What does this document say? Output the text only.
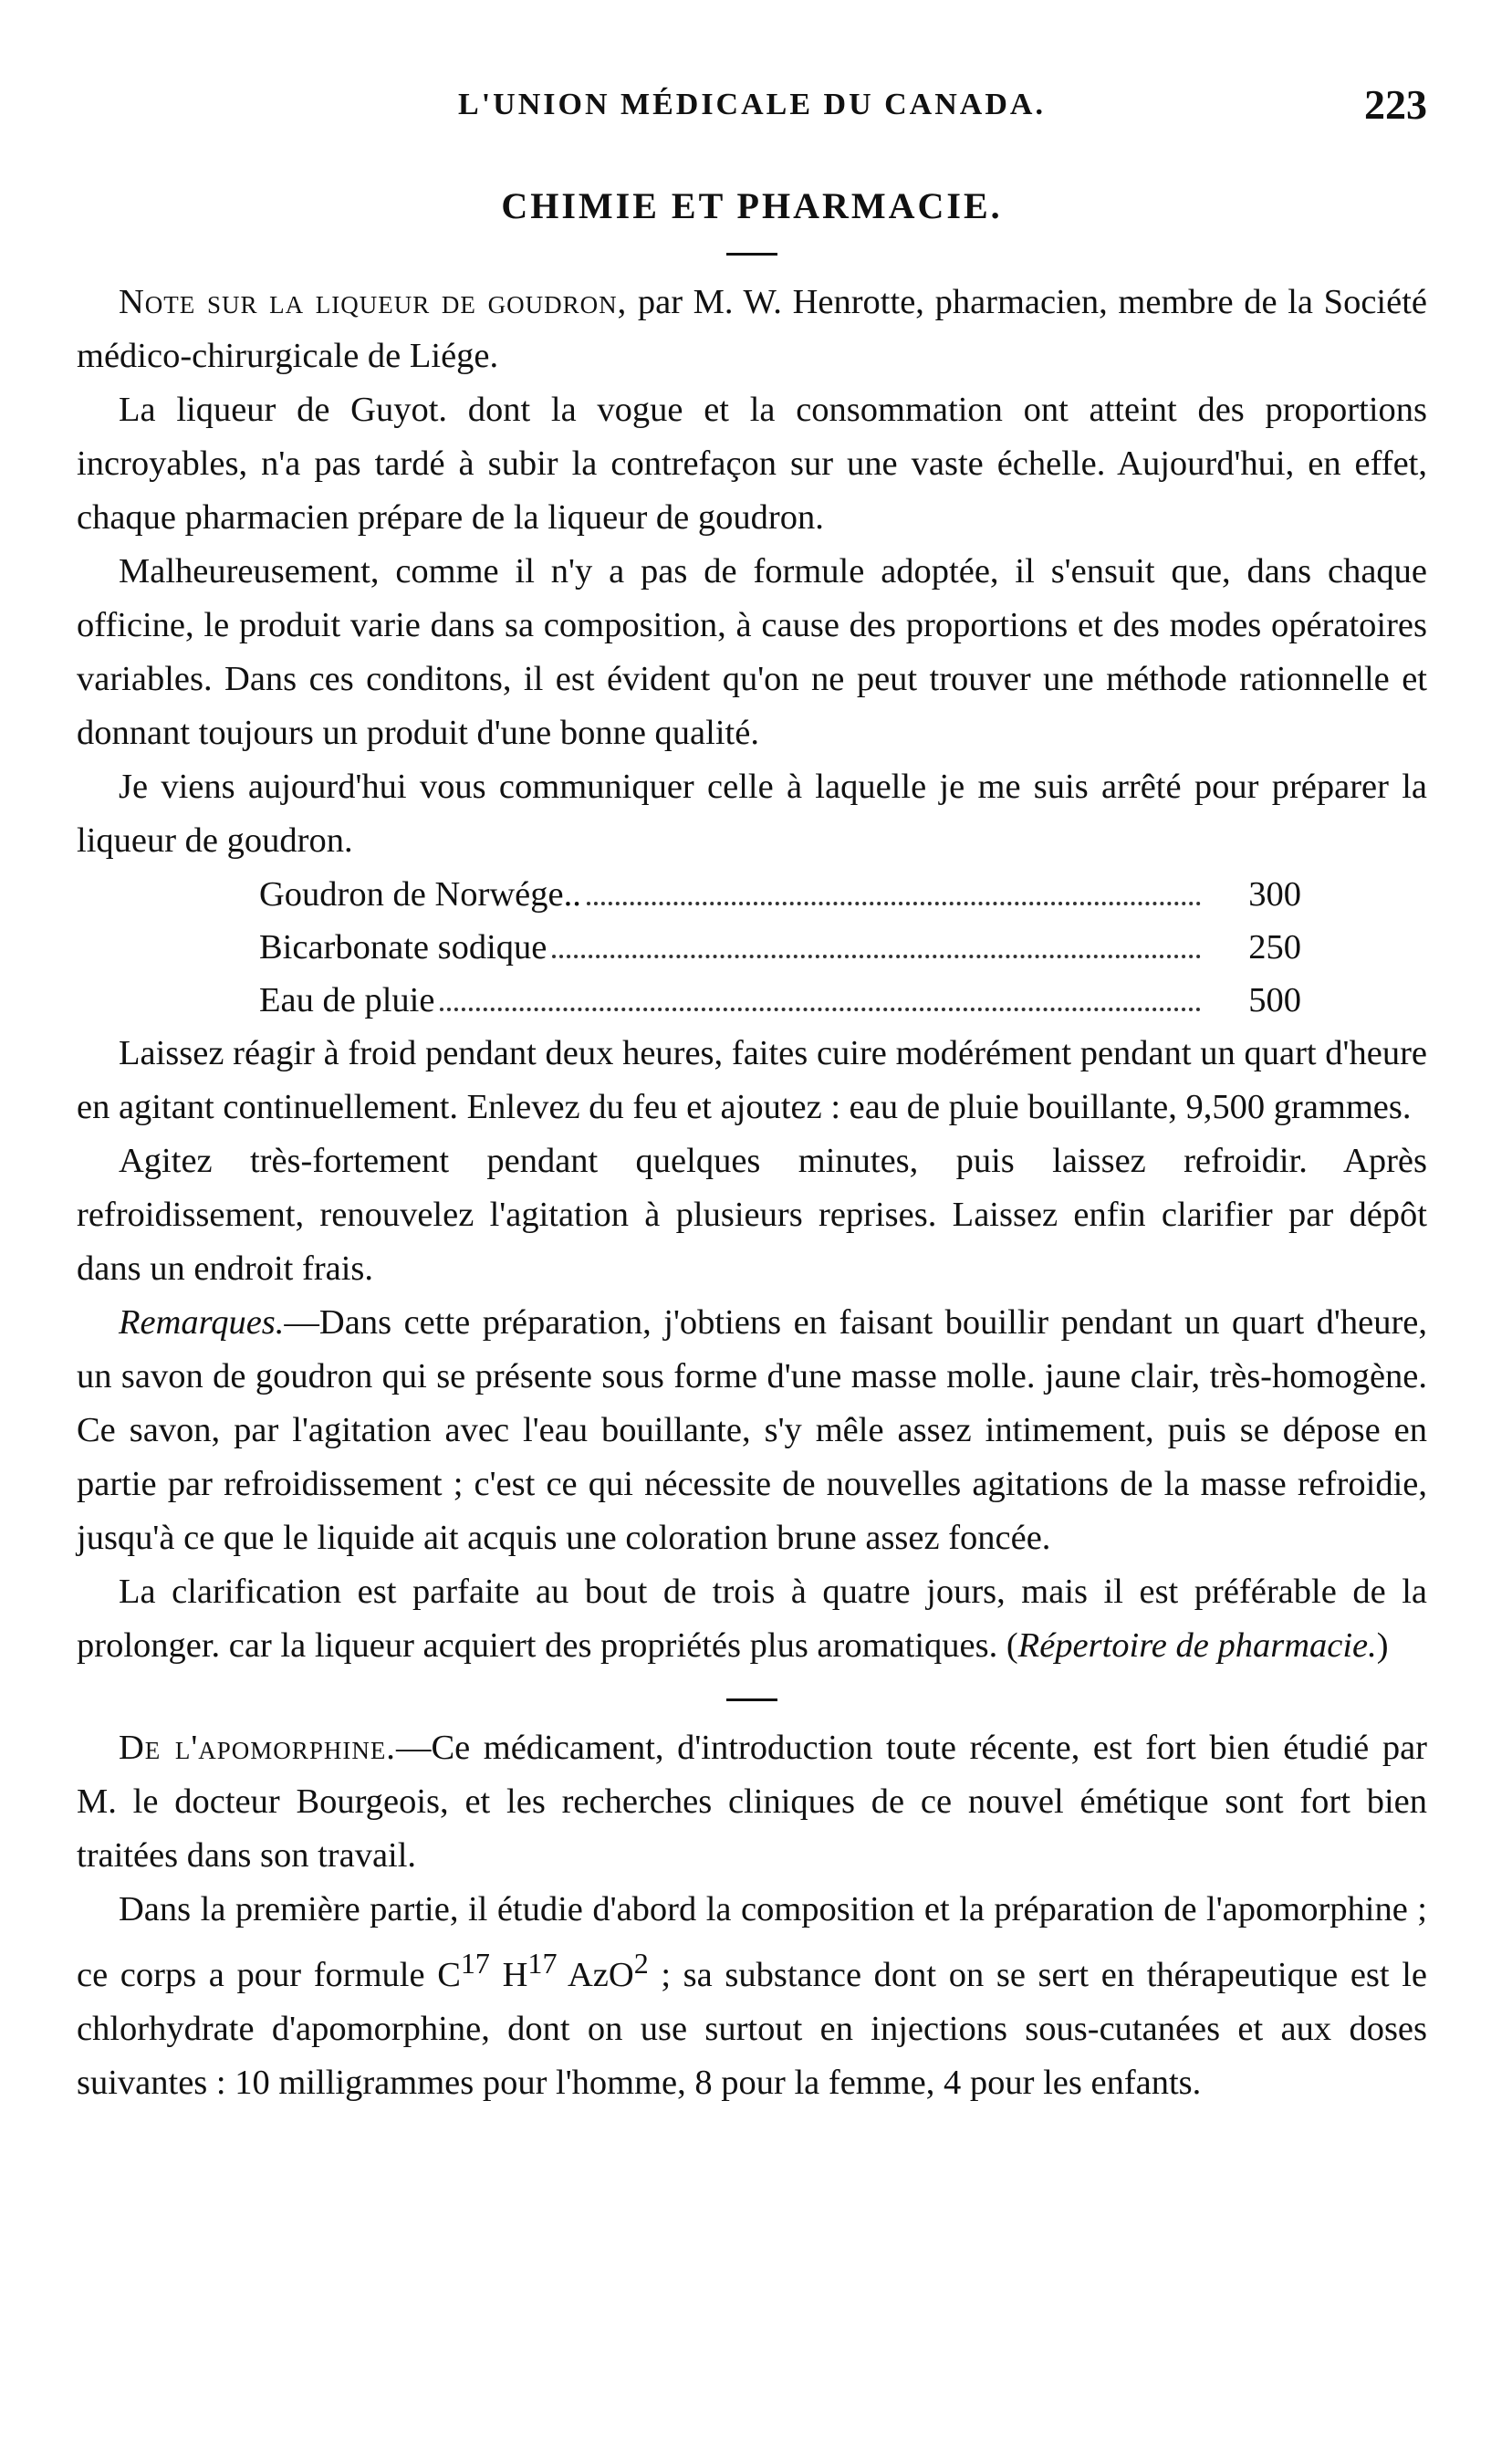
L'UNION MÉDICALE DU CANADA.	223
CHIMIE ET PHARMACIE.

Note sur la liqueur de goudron, par M. W. Henrotte, pharmacien, membre de la Société médico-chirurgicale de Liége.

La liqueur de Guyot. dont la vogue et la consommation ont atteint des proportions incroyables, n'a pas tardé à subir la contrefaçon sur une vaste échelle. Aujourd'hui, en effet, chaque pharmacien prépare de la liqueur de goudron.

Malheureusement, comme il n'y a pas de formule adoptée, il s'ensuit que, dans chaque officine, le produit varie dans sa composition, à cause des proportions et des modes opératoires variables. Dans ces conditons, il est évident qu'on ne peut trouver une méthode rationnelle et donnant toujours un produit d'une bonne qualité.

Je viens aujourd'hui vous communiquer celle à laquelle je me suis arrêté pour préparer la liqueur de goudron.

Goudron de Norwége..	300
Bicarbonate sodique	250
Eau de pluie	500

Laissez réagir à froid pendant deux heures, faites cuire modérément pendant un quart d'heure en agitant continuellement. Enlevez du feu et ajoutez : eau de pluie bouillante, 9,500 grammes.

Agitez très-fortement pendant quelques minutes, puis laissez refroidir. Après refroidissement, renouvelez l'agitation à plusieurs reprises. Laissez enfin clarifier par dépôt dans un endroit frais.

Remarques.—Dans cette préparation, j'obtiens en faisant bouillir pendant un quart d'heure, un savon de goudron qui se présente sous forme d'une masse molle. jaune clair, très-homogène. Ce savon, par l'agitation avec l'eau bouillante, s'y mêle assez intimement, puis se dépose en partie par refroidissement ; c'est ce qui nécessite de nouvelles agitations de la masse refroidie, jusqu'à ce que le liquide ait acquis une coloration brune assez foncée.

La clarification est parfaite au bout de trois à quatre jours, mais il est préférable de la prolonger. car la liqueur acquiert des propriétés plus aromatiques. (Répertoire de pharmacie.)

De l'apomorphine.—Ce médicament, d'introduction toute récente, est fort bien étudié par M. le docteur Bourgeois, et les recherches cliniques de ce nouvel émétique sont fort bien traitées dans son travail.

Dans la première partie, il étudie d'abord la composition et la préparation de l'apomorphine ; ce corps a pour formule $C^{17}$ $H^{17}$ AzO$^2$ ; sa substance dont on se sert en thérapeutique est le chlorhydrate d'apomorphine, dont on use surtout en injections sous-cutanées et aux doses suivantes : 10 milligrammes pour l'homme, 8 pour la femme, 4 pour les enfants.
